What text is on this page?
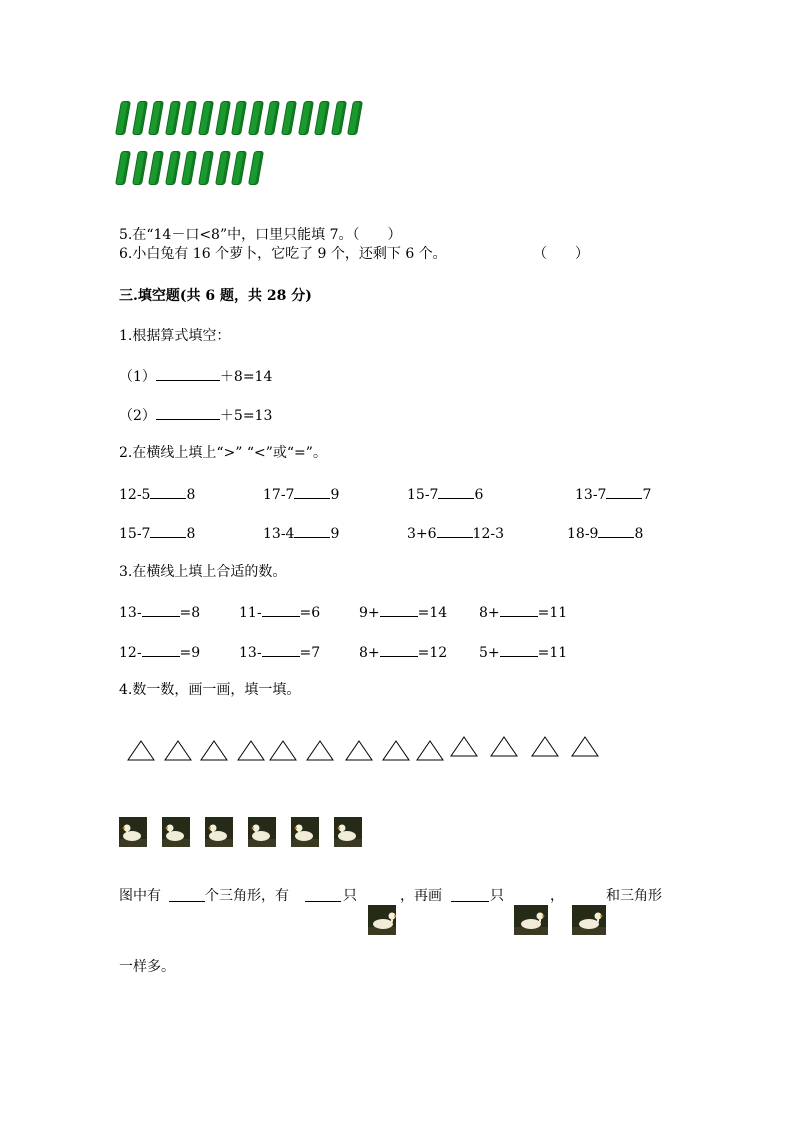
5.在“14－口<8”中，口里只能填 7。（　　）
6.小白兔有 16 个萝卜，它吃了 9 个，还剩下 6 个。	（　　）
三.填空题(共 6 题，共 28 分)
1.根据算式填空：
（1）	＋8=14
（2）	＋5=13
2.在横线上填上“>” “<”或“=”。
12-5	8	17-7	9	15-7	6	13-7	7
15-7	8	13-4	9	3+6	12-3	18-9	8
3.在横线上填上合适的数。
13-	=8	11-	=6	9+	=14 8+	=11
12-	=9	13-	=7	8+	=12 5+	=11
4.数一数，画一画，填一填。
图中有	个三角形，有	只	，再画	只	，	和三角形
一样多。
